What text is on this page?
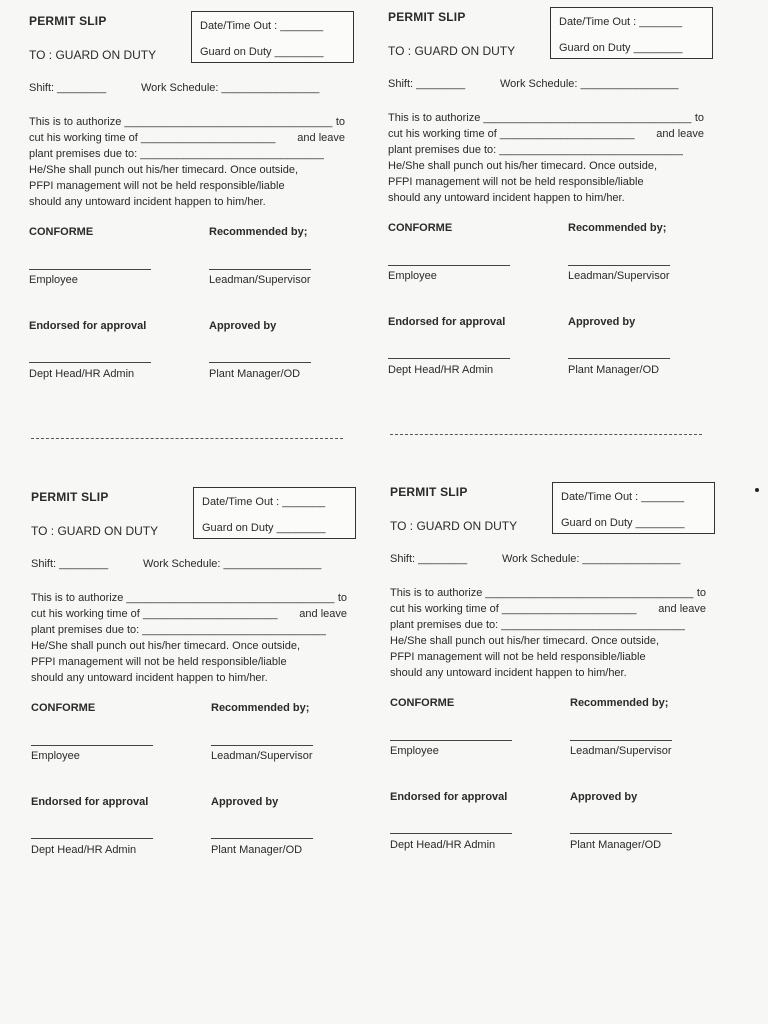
PERMIT SLIP	Date/Time Out : _______
Guard on Duty ________
TO : GUARD ON DUTY
Shift: ________	Work Schedule: ________________
This is to authorize __________________________________ to
cut his working time of ______________________	and leave
plant premises due to: ______________________________
He/She shall punch out his/her timecard. Once outside,
PFPI management will not be held responsible/liable
should any untoward incident happen to him/her.
CONFORME	Recommended by;
Employee	Leadman/Supervisor
Endorsed for approval	Approved by
Dept Head/HR Admin	Plant Manager/OD
PERMIT SLIP	Date/Time Out : _______
Guard on Duty ________
TO : GUARD ON DUTY
Shift: ________	Work Schedule: ________________
This is to authorize __________________________________ to
cut his working time of ______________________	and leave
plant premises due to: ______________________________
He/She shall punch out his/her timecard. Once outside,
PFPI management will not be held responsible/liable
should any untoward incident happen to him/her.
CONFORME	Recommended by;
Employee	Leadman/Supervisor
Endorsed for approval	Approved by
Dept Head/HR Admin	Plant Manager/OD
PERMIT SLIP	Date/Time Out : _______
Guard on Duty ________
TO : GUARD ON DUTY
Shift: ________	Work Schedule: ________________
This is to authorize __________________________________ to
cut his working time of ______________________	and leave
plant premises due to: ______________________________
He/She shall punch out his/her timecard. Once outside,
PFPI management will not be held responsible/liable
should any untoward incident happen to him/her.
CONFORME	Recommended by;
Employee	Leadman/Supervisor
Endorsed for approval	Approved by
Dept Head/HR Admin	Plant Manager/OD
PERMIT SLIP	Date/Time Out : _______
Guard on Duty ________
TO : GUARD ON DUTY
Shift: ________	Work Schedule: ________________
This is to authorize __________________________________ to
cut his working time of ______________________	and leave
plant premises due to: ______________________________
He/She shall punch out his/her timecard. Once outside,
PFPI management will not be held responsible/liable
should any untoward incident happen to him/her.
CONFORME	Recommended by;
Employee	Leadman/Supervisor
Endorsed for approval	Approved by
Dept Head/HR Admin	Plant Manager/OD
